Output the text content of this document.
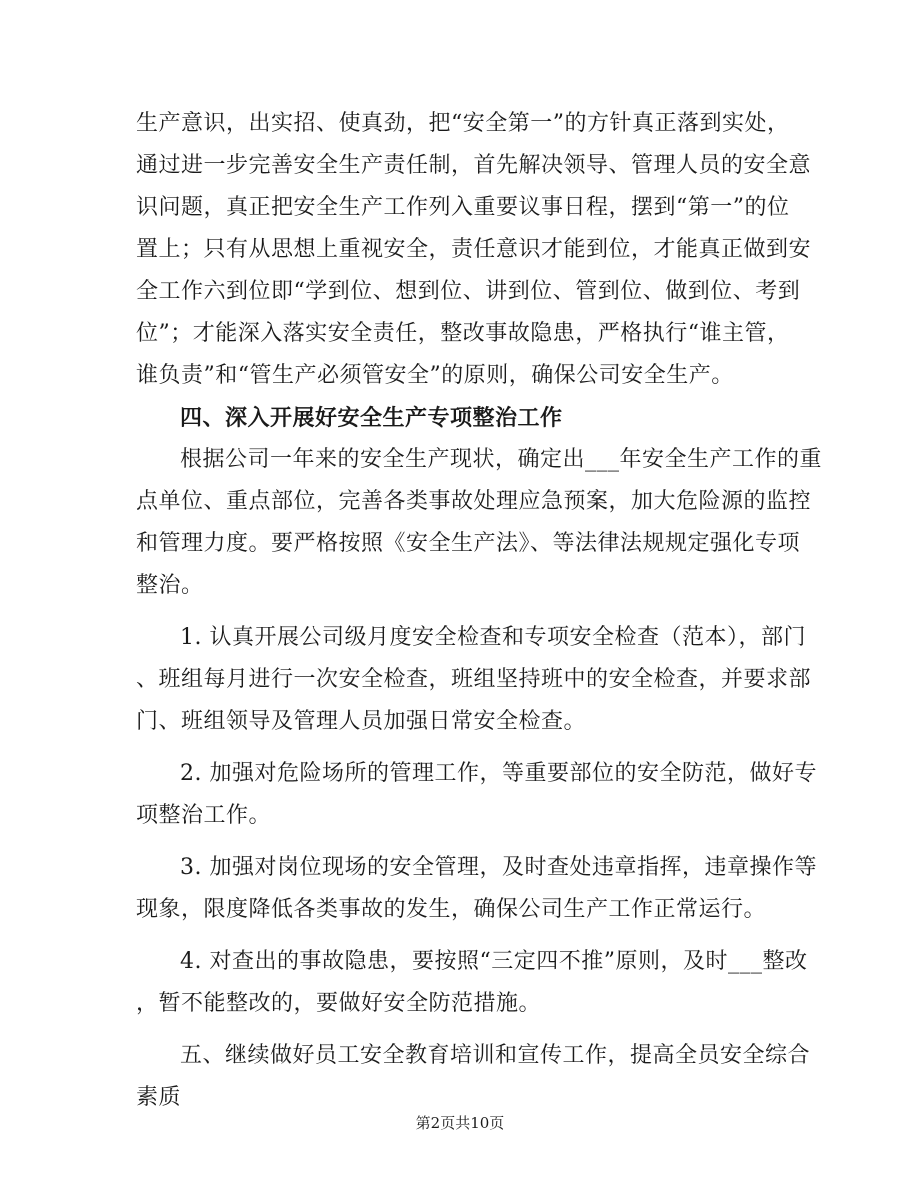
生产意识，出实招、使真劲，把“安全第一”的方针真正落到实处，
通过进一步完善安全生产责任制，首先解决领导、管理人员的安全意
识问题，真正把安全生产工作列入重要议事日程，摆到“第一”的位
置上；只有从思想上重视安全，责任意识才能到位，才能真正做到安
全工作六到位即“学到位、想到位、讲到位、管到位、做到位、考到
位”；才能深入落实安全责任，整改事故隐患，严格执行“谁主管，
谁负责”和“管生产必须管安全”的原则，确保公司安全生产。
四、深入开展好安全生产专项整治工作
根据公司一年来的安全生产现状，确定出___年安全生产工作的重
点单位、重点部位，完善各类事故处理应急预案，加大危险源的监控
和管理力度。要严格按照《安全生产法》、等法律法规规定强化专项
整治。
1. 认真开展公司级月度安全检查和专项安全检查（范本），部门
、班组每月进行一次安全检查，班组坚持班中的安全检查，并要求部
门、班组领导及管理人员加强日常安全检查。
2. 加强对危险场所的管理工作，等重要部位的安全防范，做好专
项整治工作。
3. 加强对岗位现场的安全管理，及时查处违章指挥，违章操作等
现象，限度降低各类事故的发生，确保公司生产工作正常运行。
4. 对查出的事故隐患，要按照“三定四不推”原则，及时___整改
，暂不能整改的，要做好安全防范措施。
五、继续做好员工安全教育培训和宣传工作，提高全员安全综合
素质
第2页共10页
